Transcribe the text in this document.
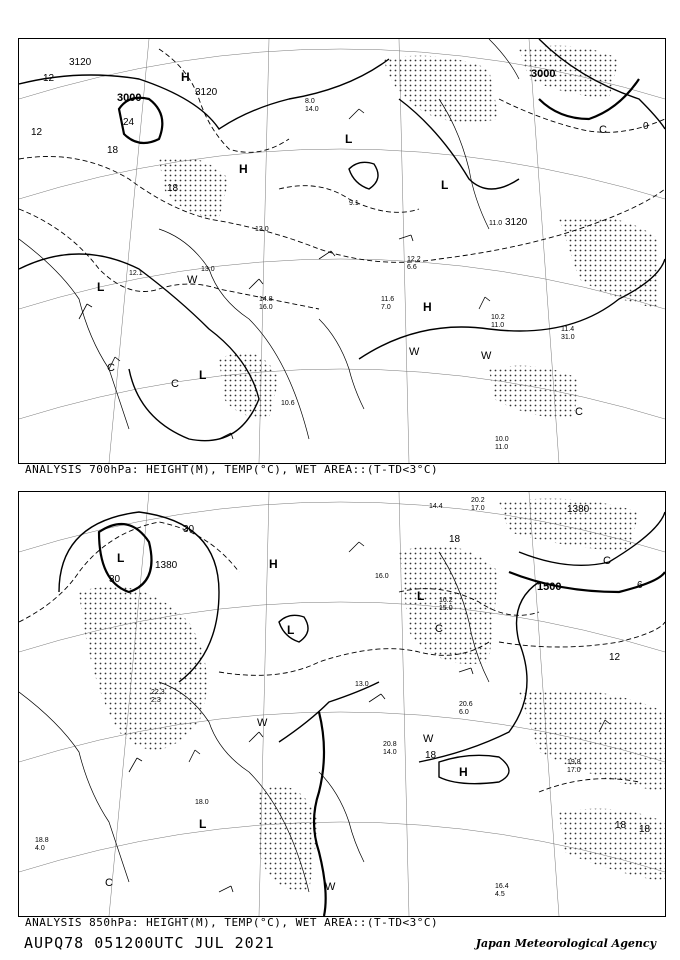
3120
3000	3120
3000
3120
12
12
18
18
0
24
H
H
H
L
L
L
L
C
C
C
C
W
W
W
12.1
13.0
11.0
10.2
11.0
11.6
7.0
10.0
11.0
11.4
31.0
8.0
14.0
10.6
9.1
13.0
14.8
16.0
12.2
6.6
ANALYSIS 700hPa: HEIGHT(M), TEMP(°C), WET AREA::(T-TD<3°C)
1380
1500
1380
30
30
18
18
12
18 18
6
H
H
L
L
L
L
C
C
C
W
W
W
20.2
17.0
14.4
16.2
15.0
18.0
20.6
6.0
19.8
17.0
16.4
4.5
18.8
4.0
16.0
20.8
14.0
22.3
2.3
13.0
ANALYSIS 850hPa: HEIGHT(M), TEMP(°C), WET AREA::(T-TD<3°C)
AUPQ78 051200UTC JUL 2021	Japan Meteorological Agency
